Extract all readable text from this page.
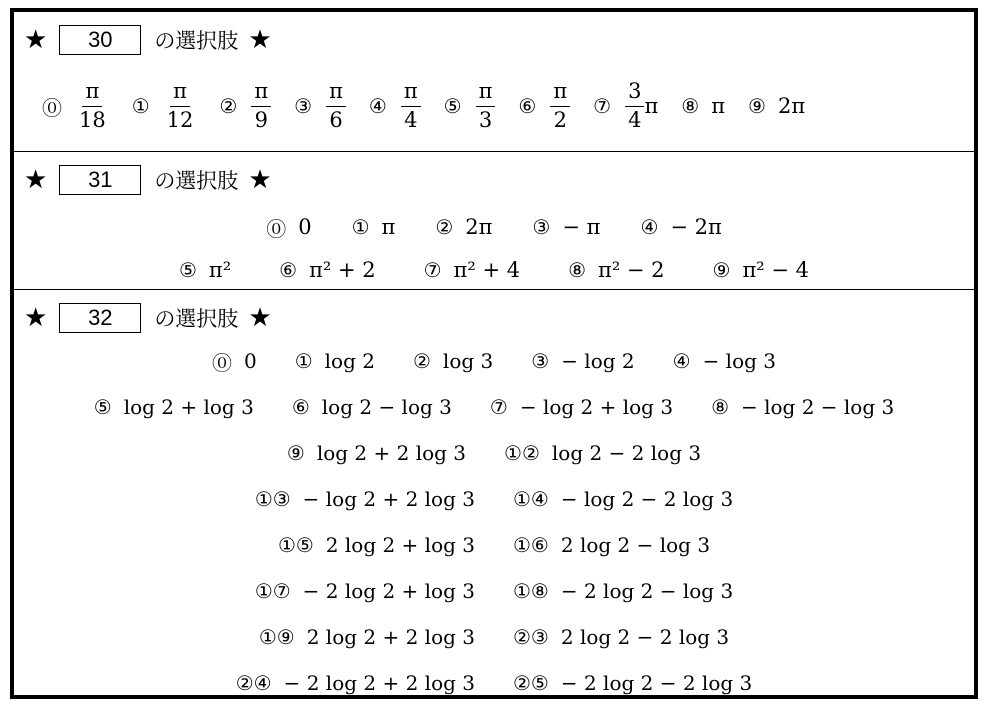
★	30	の選択肢 ★
⓪ $\frac{\pi}{18}$ ① $\frac{\pi}{12}$ ② $\frac{\pi}{9}$ ③ $\frac{\pi}{6}$ ④ $\frac{\pi}{4}$ ⑤ $\frac{\pi}{3}$ ⑥ $\frac{\pi}{2}$ ⑦ $\frac{3}{4}$ π ⑧ π ⑨ 2π
★	31	の選択肢 ★
⓪ 0 ① π ② 2π ③ − π ④ − 2π
⑤ π² ⑥ π² + 2 ⑦ π² + 4 ⑧ π² − 2 ⑨ π² − 4
★	32	の選択肢 ★
⓪ 0 ① log 2 ② log 3 ③ − log 2 ④ − log 3
⑤ log 2 + log 3 ⑥ log 2 − log 3 ⑦ − log 2 + log 3 ⑧ − log 2 − log 3
⑨ log 2 + 2 log 3 ①② log 2 − 2 log 3
①③ − log 2 + 2 log 3 ①④ − log 2 − 2 log 3
①⑤ 2 log 2 + log 3 ①⑥ 2 log 2 − log 3
①⑦ − 2 log 2 + log 3 ①⑧ − 2 log 2 − log 3
①⑨ 2 log 2 + 2 log 3 ②③ 2 log 2 − 2 log 3
②④ − 2 log 2 + 2 log 3 ②⑤ − 2 log 2 − 2 log 3
